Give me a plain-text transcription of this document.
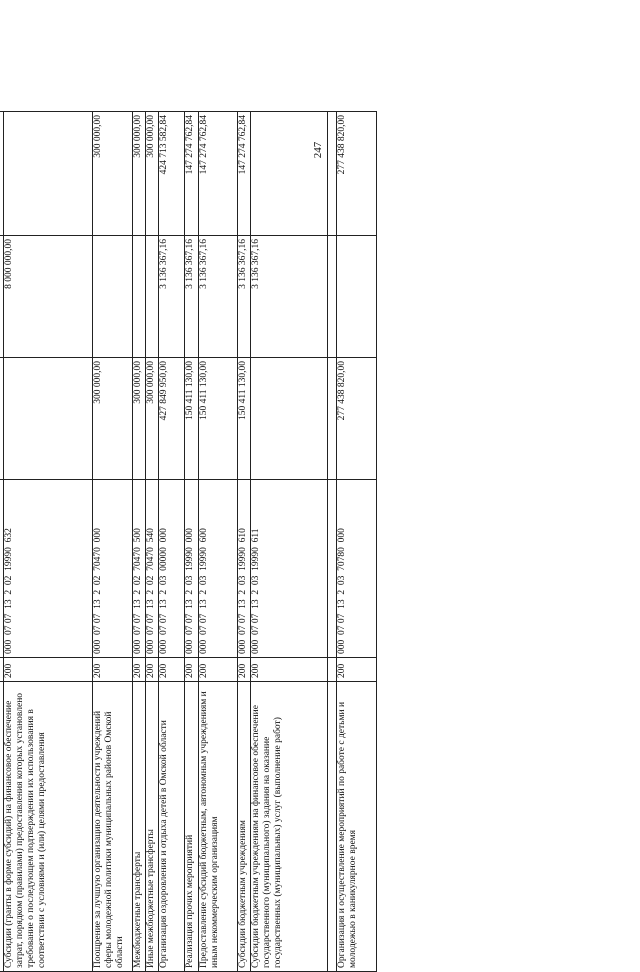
247

Субсидии (гранты в форме субсидий) на финансовое обеспечение затрат, порядком (правилами) предоставления которых установлено требование о последующем подтверждении их использования в соответствии с условиями и (или) целями предоставления	200	000  07 07  13  2  02  19990  632		8 000 000,00	
Поощрение за лучшую организацию деятельности учреждений сферы молодежной политики муниципальных районов Омской области	200	000  07 07  13  2  02  70470  000	300 000,00		300 000,00
Межбюджетные трансферты	200	000  07 07  13  2  02  70470  500	300 000,00		300 000,00
Иные межбюджетные трансферты	200	000  07 07  13  2  02  70470  540	300 000,00		300 000,00
Организация оздоровления и отдыха детей в Омской области	200	000  07 07  13  2  03  00000  000	427 849 950,00	3 136 367,16	424 713 582,84
Реализация прочих мероприятий	200	000  07 07  13  2  03  19990  000	150 411 130,00	3 136 367,16	147 274 762,84
Предоставление субсидий бюджетным, автономным учреждениям и иным некоммерческим организациям	200	000  07 07  13  2  03  19990  600	150 411 130,00	3 136 367,16	147 274 762,84
Субсидии бюджетным учреждениям	200	000  07 07  13  2  03  19990  610	150 411 130,00	3 136 367,16	147 274 762,84
Субсидии бюджетным учреждениям на финансовое обеспечение государственного (муниципального) задания на оказание государственных (муниципальных) услуг (выполнение работ)	200	000  07 07  13  2  03  19990  611		3 136 367,16	

Организация и осуществление мероприятий по работе с детьми и молодежью в каникулярное время	200	000  07 07  13  2  03  70780  000	277 438 820,00		277 438 820,00
